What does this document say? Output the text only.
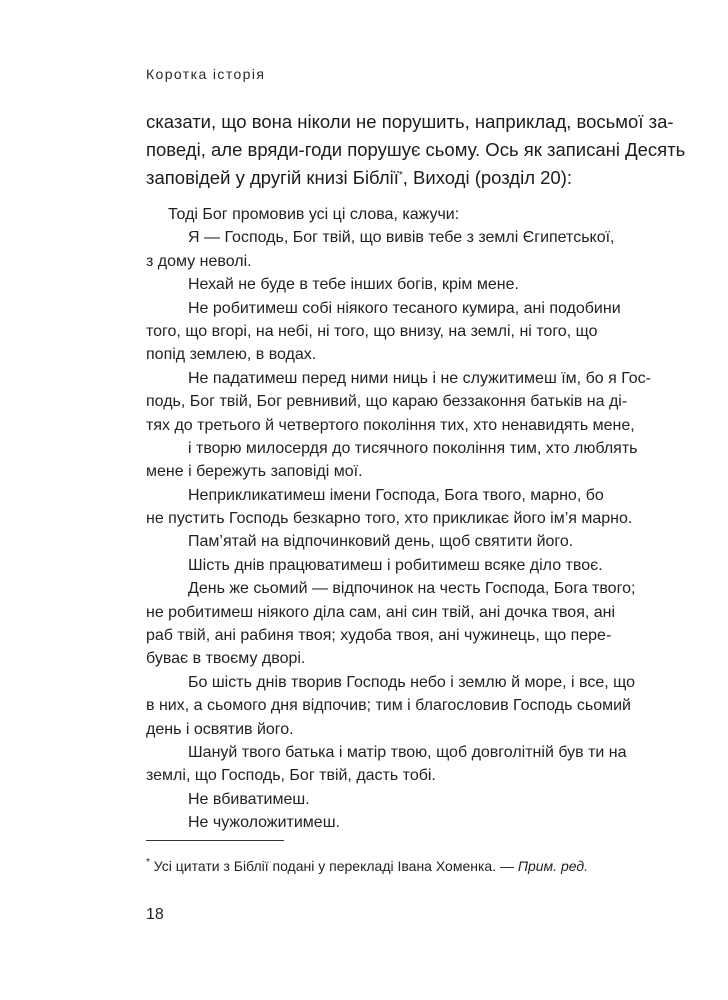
Коротка історія
сказати, що вона ніколи не порушить, наприклад, восьмої за-
поведі, але вряди-годи порушує сьому. Ось як записані Десять
заповідей у другій книзі Біблії*, Виході (розділ 20):
Тоді Бог промовив усі ці слова, кажучи:
Я — Господь, Бог твій, що вивів тебе з землі Єгипетської,
з дому неволі.
Нехай не буде в тебе інших богів, крім мене.
Не робитимеш собі ніякого тесаного кумира, ані подобини
того, що вгорі, на небі, ні того, що внизу, на землі, ні того, що
попід землею, в водах.
Не падатимеш перед ними ниць і не служитимеш їм, бо я Гос-
подь, Бог твій, Бог ревнивий, що караю беззаконня батьків на ді-
тях до третього й четвертого покоління тих, хто ненавидять мене,
і творю милосердя до тисячного покоління тим, хто люблять
мене і бережуть заповіді мої.
Неприкликатимеш імени Господа, Бога твого, марно, бо
не пустить Господь безкарно того, хто прикликає його ім’я марно.
Пам’ятай на відпочинковий день, щоб святити його.
Шість днів працюватимеш і робитимеш всяке діло твоє.
День же сьомий — відпочинок на честь Господа, Бога твого;
не робитимеш ніякого діла сам, ані син твій, ані дочка твоя, ані
раб твій, ані рабиня твоя; худоба твоя, ані чужинець, що пере-
буває в твоєму дворі.
Бо шість днів творив Господь небо і землю й море, і все, що
в них, а сьомого дня відпочив; тим і благословив Господь сьомий
день і освятив його.
Шануй твого батька і матір твою, щоб довголітній був ти на
землі, що Господь, Бог твій, дасть тобі.
Не вбиватимеш.
Не чужоложитимеш.
* Усі цитати з Біблії подані у перекладі Івана Хоменка. — Прим. ред.
18
